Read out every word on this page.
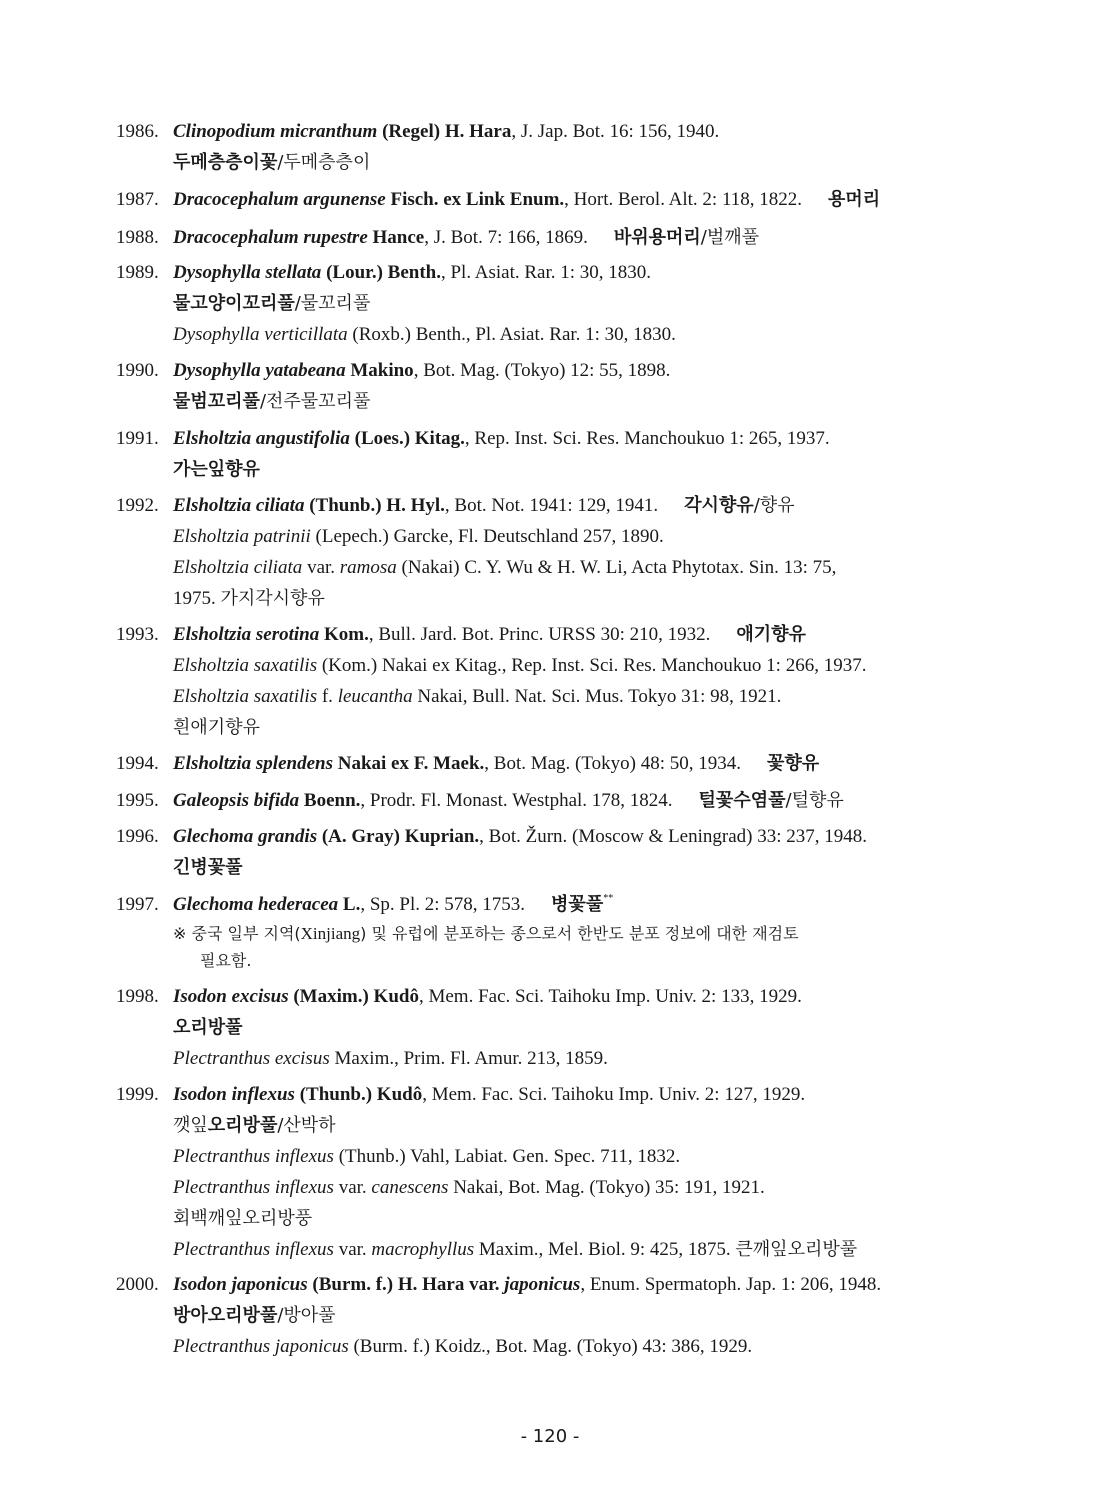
1986. Clinopodium micranthum (Regel) H. Hara, J. Jap. Bot. 16: 156, 1940.
두메층층이꽃/두메층층이
1987. Dracocephalum argunense Fisch. ex Link Enum., Hort. Berol. Alt. 2: 118, 1822. 용머리
1988. Dracocephalum rupestre Hance, J. Bot. 7: 166, 1869. 바위용머리/벌깨풀
1989. Dysophylla stellata (Lour.) Benth., Pl. Asiat. Rar. 1: 30, 1830.
물고양이꼬리풀/물꼬리풀
Dysophylla verticillata (Roxb.) Benth., Pl. Asiat. Rar. 1: 30, 1830.
1990. Dysophylla yatabeana Makino, Bot. Mag. (Tokyo) 12: 55, 1898.
물범꼬리풀/전주물꼬리풀
1991. Elsholtzia angustifolia (Loes.) Kitag., Rep. Inst. Sci. Res. Manchoukuo 1: 265, 1937.
가는잎향유
1992. Elsholtzia ciliata (Thunb.) H. Hyl., Bot. Not. 1941: 129, 1941. 각시향유/향유
Elsholtzia patrinii (Lepech.) Garcke, Fl. Deutschland 257, 1890.
Elsholtzia ciliata var. ramosa (Nakai) C. Y. Wu & H. W. Li, Acta Phytotax. Sin. 13: 75,
1975. 가지각시향유
1993. Elsholtzia serotina Kom., Bull. Jard. Bot. Princ. URSS 30: 210, 1932. 애기향유
Elsholtzia saxatilis (Kom.) Nakai ex Kitag., Rep. Inst. Sci. Res. Manchoukuo 1: 266, 1937.
Elsholtzia saxatilis f. leucantha Nakai, Bull. Nat. Sci. Mus. Tokyo 31: 98, 1921.
흰애기향유
1994. Elsholtzia splendens Nakai ex F. Maek., Bot. Mag. (Tokyo) 48: 50, 1934. 꽃향유
1995. Galeopsis bifida Boenn., Prodr. Fl. Monast. Westphal. 178, 1824. 털꽃수염풀/털향유
1996. Glechoma grandis (A. Gray) Kuprian., Bot. Žurn. (Moscow & Leningrad) 33: 237, 1948.
긴병꽃풀
1997. Glechoma hederacea L., Sp. Pl. 2: 578, 1753. 병꽃풀**
※ 중국 일부 지역(Xinjiang) 및 유럽에 분포하는 종으로서 한반도 분포 정보에 대한 재검토
필요함.
1998. Isodon excisus (Maxim.) Kudô, Mem. Fac. Sci. Taihoku Imp. Univ. 2: 133, 1929.
오리방풀
Plectranthus excisus Maxim., Prim. Fl. Amur. 213, 1859.
1999. Isodon inflexus (Thunb.) Kudô, Mem. Fac. Sci. Taihoku Imp. Univ. 2: 127, 1929.
깻잎오리방풀/산박하
Plectranthus inflexus (Thunb.) Vahl, Labiat. Gen. Spec. 711, 1832.
Plectranthus inflexus var. canescens Nakai, Bot. Mag. (Tokyo) 35: 191, 1921.
회백깨잎오리방풍
Plectranthus inflexus var. macrophyllus Maxim., Mel. Biol. 9: 425, 1875. 큰깨잎오리방풀
2000. Isodon japonicus (Burm. f.) H. Hara var. japonicus, Enum. Spermatoph. Jap. 1: 206, 1948.
방아오리방풀/방아풀
Plectranthus japonicus (Burm. f.) Koidz., Bot. Mag. (Tokyo) 43: 386, 1929.
- 120 -
